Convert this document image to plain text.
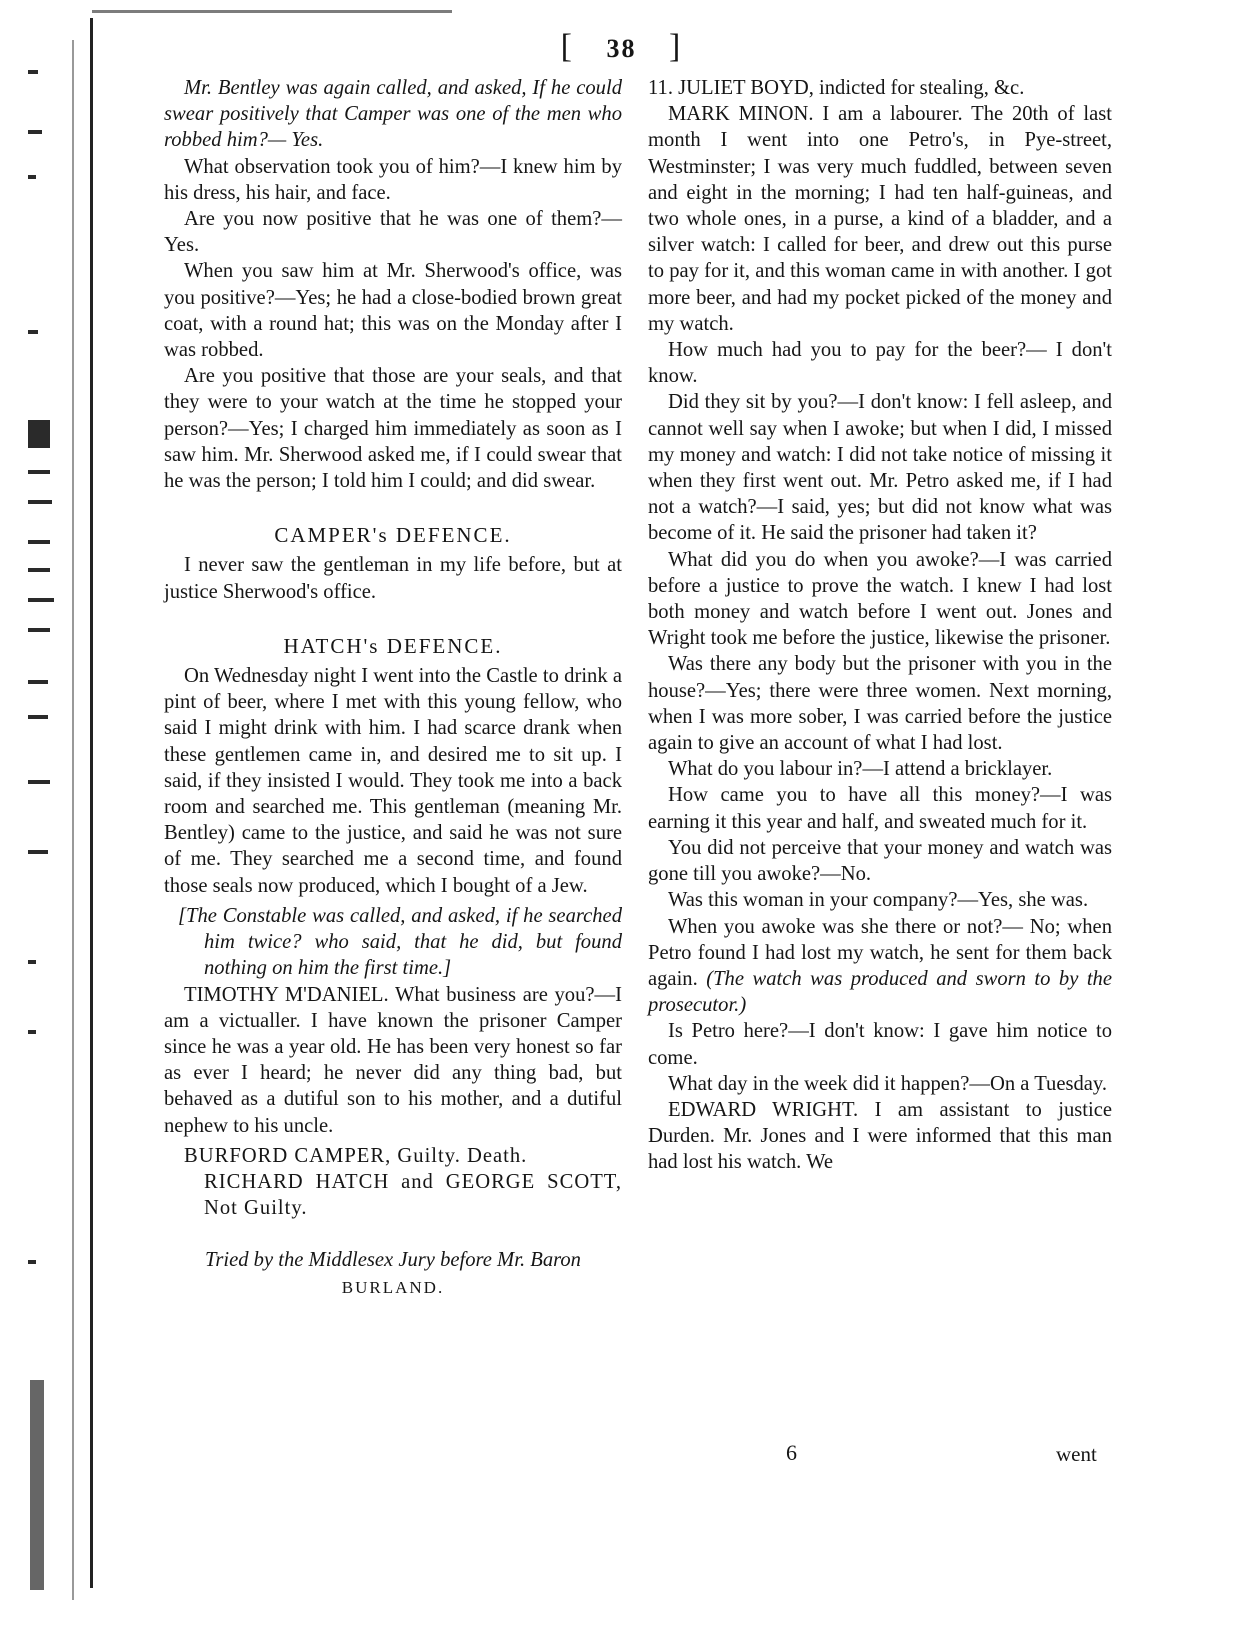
[ 38 ]

Mr. Bentley was again called, and asked, If he could swear positively that Camper was one of the men who robbed him?— Yes.

What observation took you of him?—I knew him by his dress, his hair, and face.

Are you now positive that he was one of them?—Yes.

When you saw him at Mr. Sherwood's office, was you positive?—Yes; he had a close-bodied brown great coat, with a round hat; this was on the Monday after I was robbed.

Are you positive that those are your seals, and that they were to your watch at the time he stopped your person?—Yes; I charged him immediately as soon as I saw him. Mr. Sherwood asked me, if I could swear that he was the person; I told him I could; and did swear.

CAMPER's DEFENCE.

I never saw the gentleman in my life before, but at justice Sherwood's office.

HATCH's DEFENCE.

On Wednesday night I went into the Castle to drink a pint of beer, where I met with this young fellow, who said I might drink with him. I had scarce drank when these gentlemen came in, and desired me to sit up. I said, if they insisted I would. They took me into a back room and searched me. This gentleman (meaning Mr. Bentley) came to the justice, and said he was not sure of me. They searched me a second time, and found those seals now produced, which I bought of a Jew.

[The Constable was called, and asked, if he searched him twice? who said, that he did, but found nothing on him the first time.]

TIMOTHY M'DANIEL. What business are you?—I am a victualler. I have known the prisoner Camper since he was a year old. He has been very honest so far as ever I heard; he never did any thing bad, but behaved as a dutiful son to his mother, and a dutiful nephew to his uncle.

BURFORD CAMPER, Guilty. Death.

RICHARD HATCH and GEORGE SCOTT, Not Guilty.

Tried by the Middlesex Jury before Mr. Baron
BURLAND.

11. JULIET BOYD, indicted for stealing, &c.

MARK MINON. I am a labourer. The 20th of last month I went into one Petro's, in Pye-street, Westminster; I was very much fuddled, between seven and eight in the morning; I had ten half-guineas, and two whole ones, in a purse, a kind of a bladder, and a silver watch: I called for beer, and drew out this purse to pay for it, and this woman came in with another. I got more beer, and had my pocket picked of the money and my watch.

How much had you to pay for the beer?— I don't know.

Did they sit by you?—I don't know: I fell asleep, and cannot well say when I awoke; but when I did, I missed my money and watch: I did not take notice of missing it when they first went out. Mr. Petro asked me, if I had not a watch?—I said, yes; but did not know what was become of it. He said the prisoner had taken it?

What did you do when you awoke?—I was carried before a justice to prove the watch. I knew I had lost both money and watch before I went out. Jones and Wright took me before the justice, likewise the prisoner.

Was there any body but the prisoner with you in the house?—Yes; there were three women. Next morning, when I was more sober, I was carried before the justice again to give an account of what I had lost.

What do you labour in?—I attend a bricklayer.

How came you to have all this money?—I was earning it this year and half, and sweated much for it.

You did not perceive that your money and watch was gone till you awoke?—No.

Was this woman in your company?—Yes, she was.

When you awoke was she there or not?— No; when Petro found I had lost my watch, he sent for them back again. (The watch was produced and sworn to by the prosecutor.)

Is Petro here?—I don't know: I gave him notice to come.

What day in the week did it happen?—On a Tuesday.

EDWARD WRIGHT. I am assistant to justice Durden. Mr. Jones and I were informed that this man had lost his watch. We

6	went
